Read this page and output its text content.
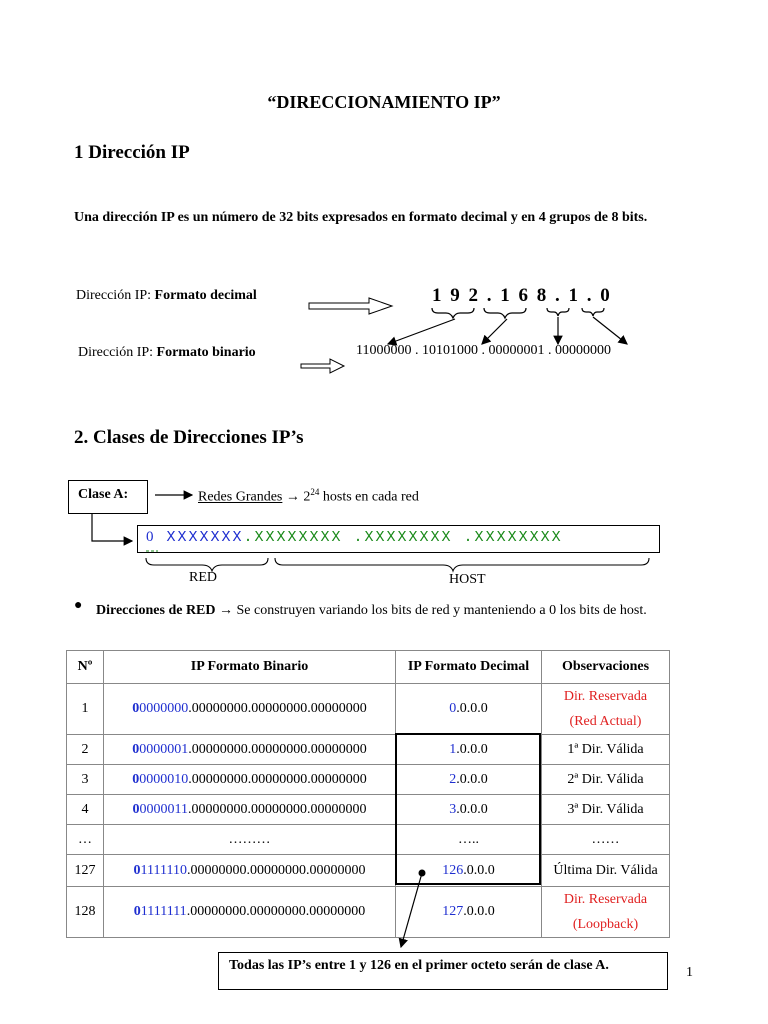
“DIRECCIONAMIENTO IP”
1 Dirección IP
Una dirección IP es un número de 32 bits expresados en formato decimal y en 4 grupos de 8 bits.
Dirección IP: Formato decimal
Dirección IP: Formato binario
1 9 2 . 1 6 8 . 1 . 0
11000000 . 10101000 . 00000001 . 00000000
2. Clases de Direcciones IP’s
Clase A:	Redes Grandes → $2^{24}$ hosts en cada red
0 XXXXXXX.XXXXXXXX .XXXXXXXX .XXXXXXXX
RED	HOST
● Direcciones de RED → Se construyen variando los bits de red y manteniendo a 0 los bits de host.
Nº	IP Formato Binario	IP Formato Decimal	Observaciones
1	00000000.00000000.00000000.00000000	0.0.0.0	Dir. Reservada
(Red Actual)
2	00000001.00000000.00000000.00000000	1.0.0.0	1ª Dir. Válida
3	00000010.00000000.00000000.00000000	2.0.0.0	2ª Dir. Válida
4	00000011.00000000.00000000.00000000	3.0.0.0	3ª Dir. Válida
…	………	…..	……
127	01111110.00000000.00000000.00000000	126.0.0.0	Última Dir. Válida
128	01111111.00000000.00000000.00000000	127.0.0.0	Dir. Reservada
(Loopback)
Todas las IP’s entre 1 y 126 en el primer octeto serán de clase A.	1
